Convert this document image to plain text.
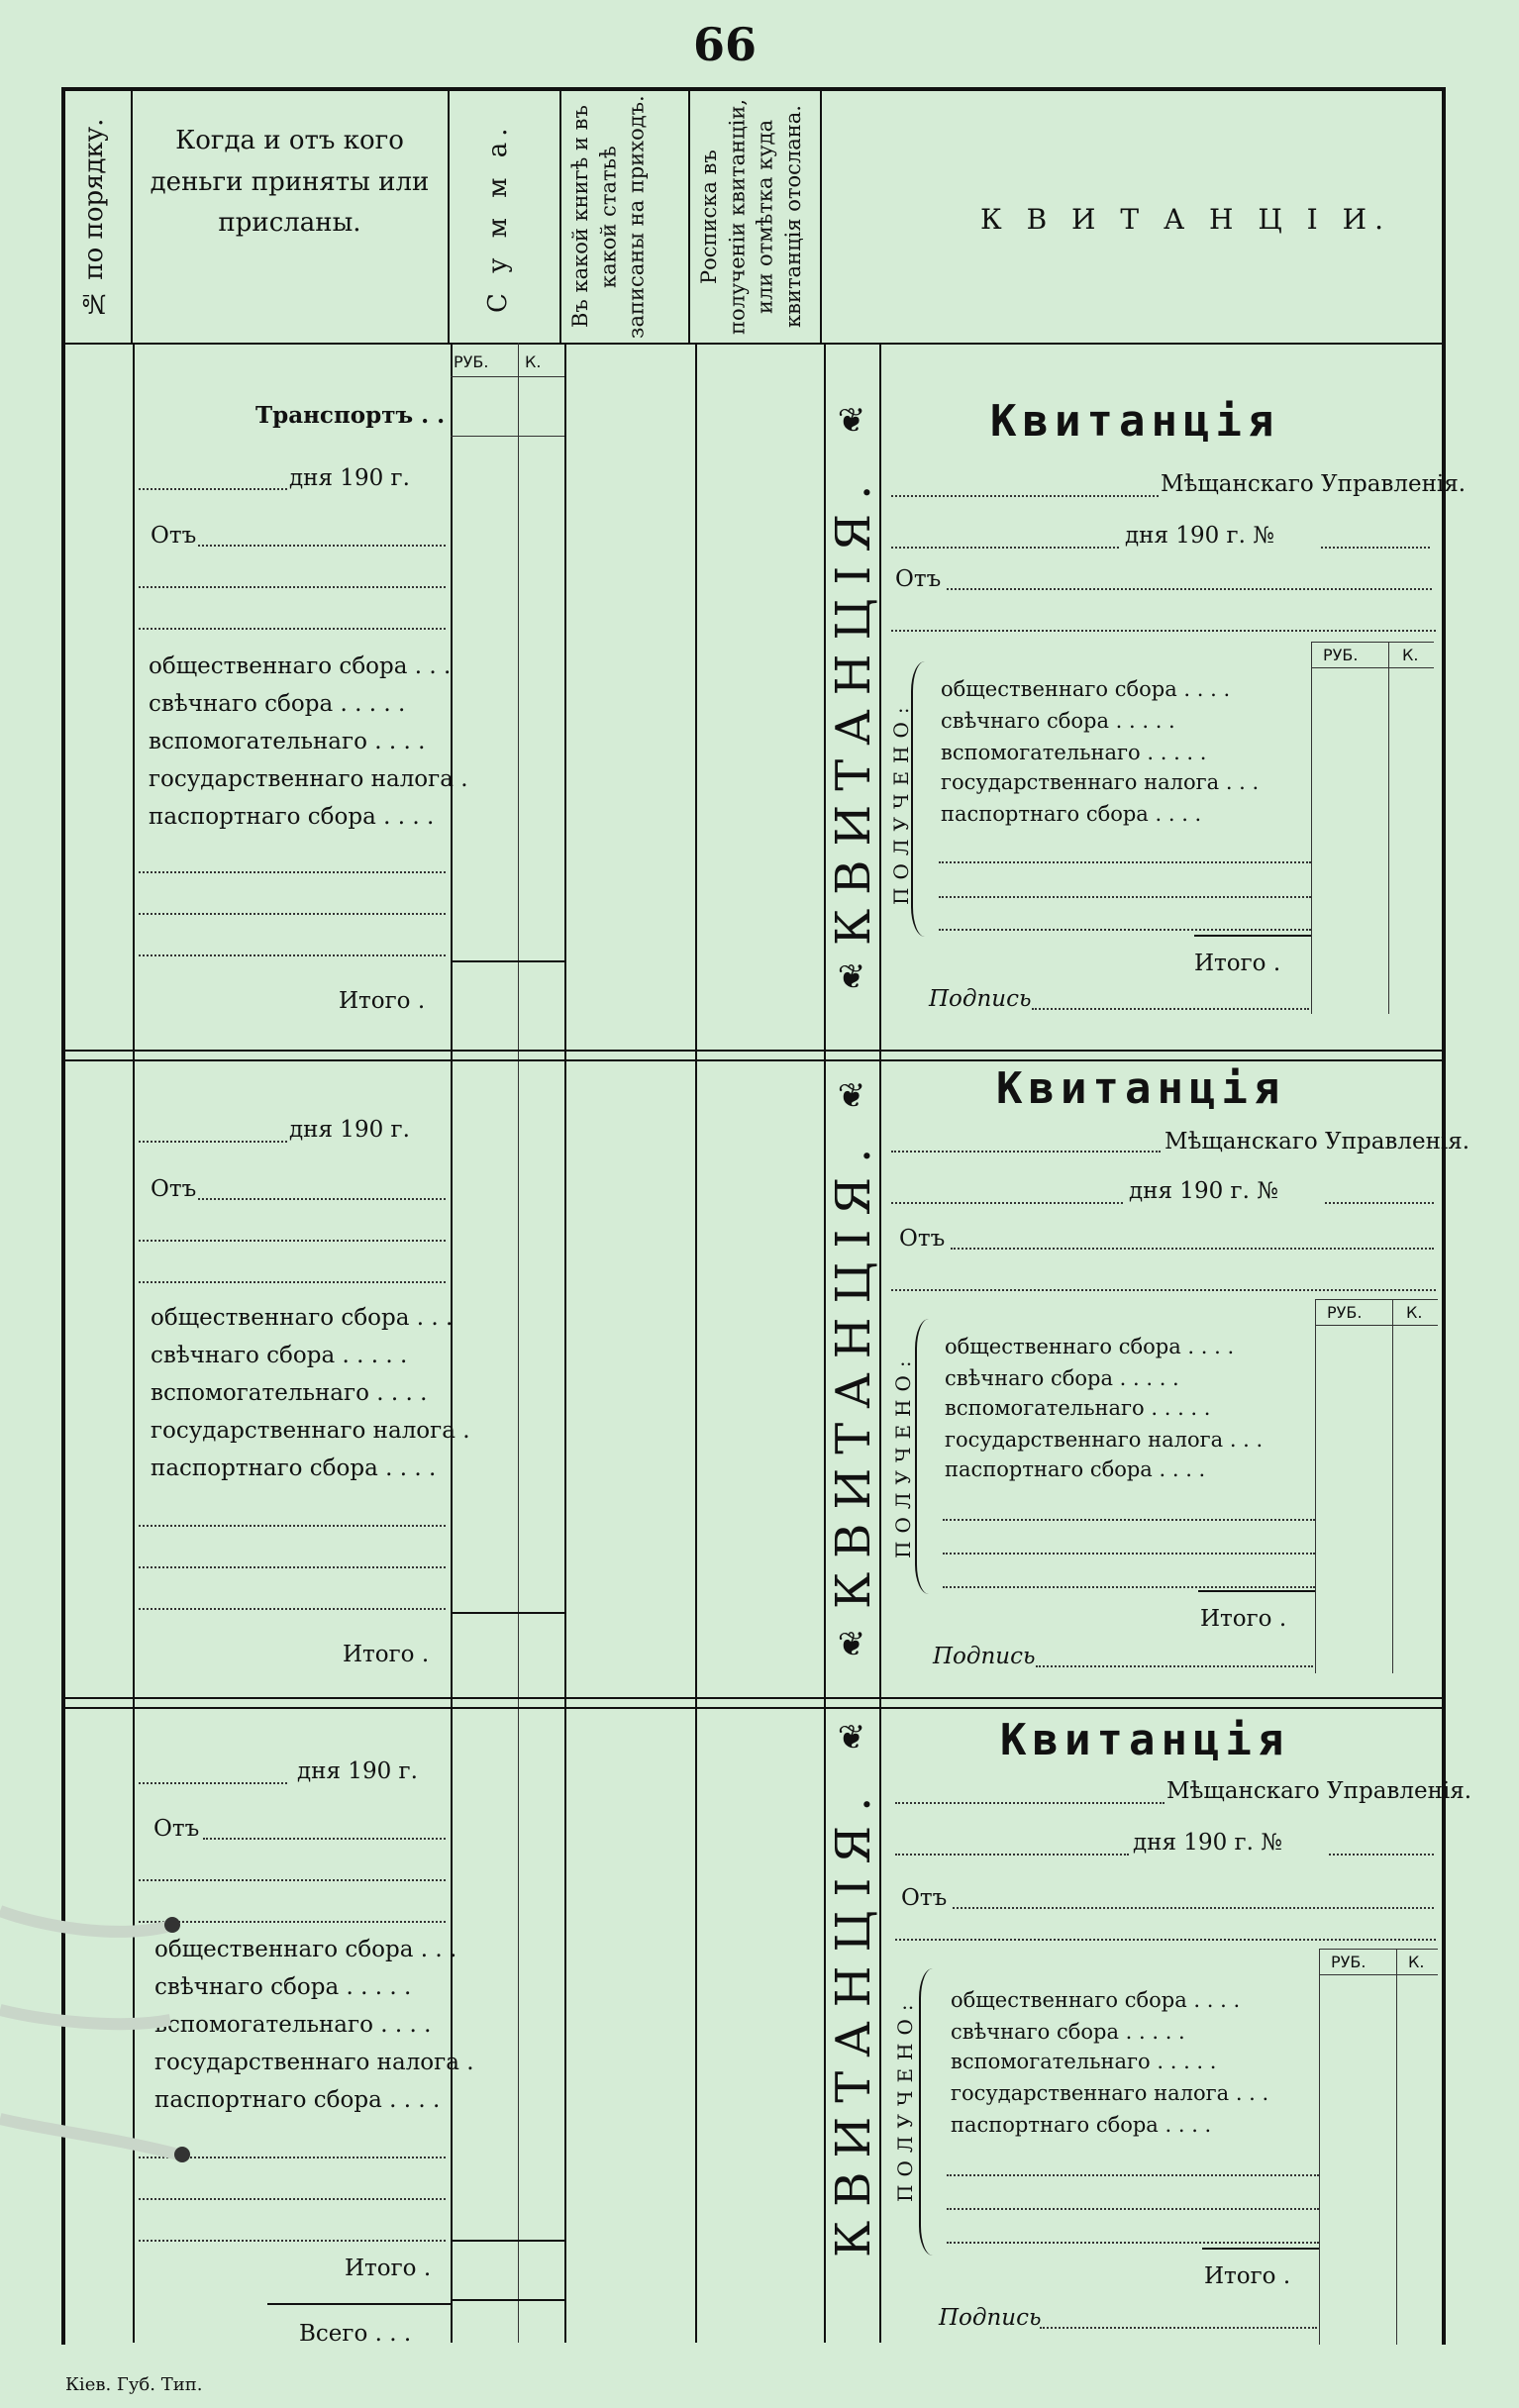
66
№ по порядку.	Когда и отъ кого деньги приняты или присланы.	С у м м а.	Въ какой книгѣ и въ какой статьѣ записаны на приходъ.	Росписка въ полученіи квитанціи, или отмѣтка куда квитанція отослана.	К В И Т А Н Ц І И.
РУБ. К.
Транспортъ . .
дня 190 г.
Отъ
общественнаго сбора . . .
свѣчнаго сбора . . . . .
вспомогательнаго . . . .
государственнаго налога .
паспортнаго сбора . . . .
Итого .
дня 190 г.
Отъ
общественнаго сбора . . .
свѣчнаго сбора . . . . .
вспомогательнаго . . . .
государственнаго налога .
паспортнаго сбора . . . .
Итого .
дня 190 г.
Отъ
общественнаго сбора . . .
свѣчнаго сбора . . . . .
вспомогательнаго . . . .
государственнаго налога .
паспортнаго сбора . . . .
Итого .
Всего . . .
❦
КВИТАНЦІЯ.
❦
❦
КВИТАНЦІЯ.
❦
❦
КВИТАНЦІЯ.
ПОЛУЧЕНО:
ПОЛУЧЕНО:
ПОЛУЧЕНО:
Квитанція
Мѣщанскаго Управленія.
дня 190 г. №
Отъ
РУБ.	К.
общественнаго сбора . . . .
свѣчнаго сбора . . . . .
вспомогательнаго . . . . .
государственнаго налога . . .
паспортнаго сбора . . . .
Итого .
Подпись
Квитанція
Мѣщанскаго Управленія.
дня 190 г. №
Отъ
РУБ.	К.
общественнаго сбора . . . .
свѣчнаго сбора . . . . .
вспомогательнаго . . . . .
государственнаго налога . . .
паспортнаго сбора . . . .
Итого .
Подпись
Квитанція
Мѣщанскаго Управленія.
дня 190 г. №
Отъ
РУБ.	К.
общественнаго сбора . . . .
свѣчнаго сбора . . . . .
вспомогательнаго . . . . .
государственнаго налога . . .
паспортнаго сбора . . . .
Итого .
Подпись
Кiев. Губ. Тип.
